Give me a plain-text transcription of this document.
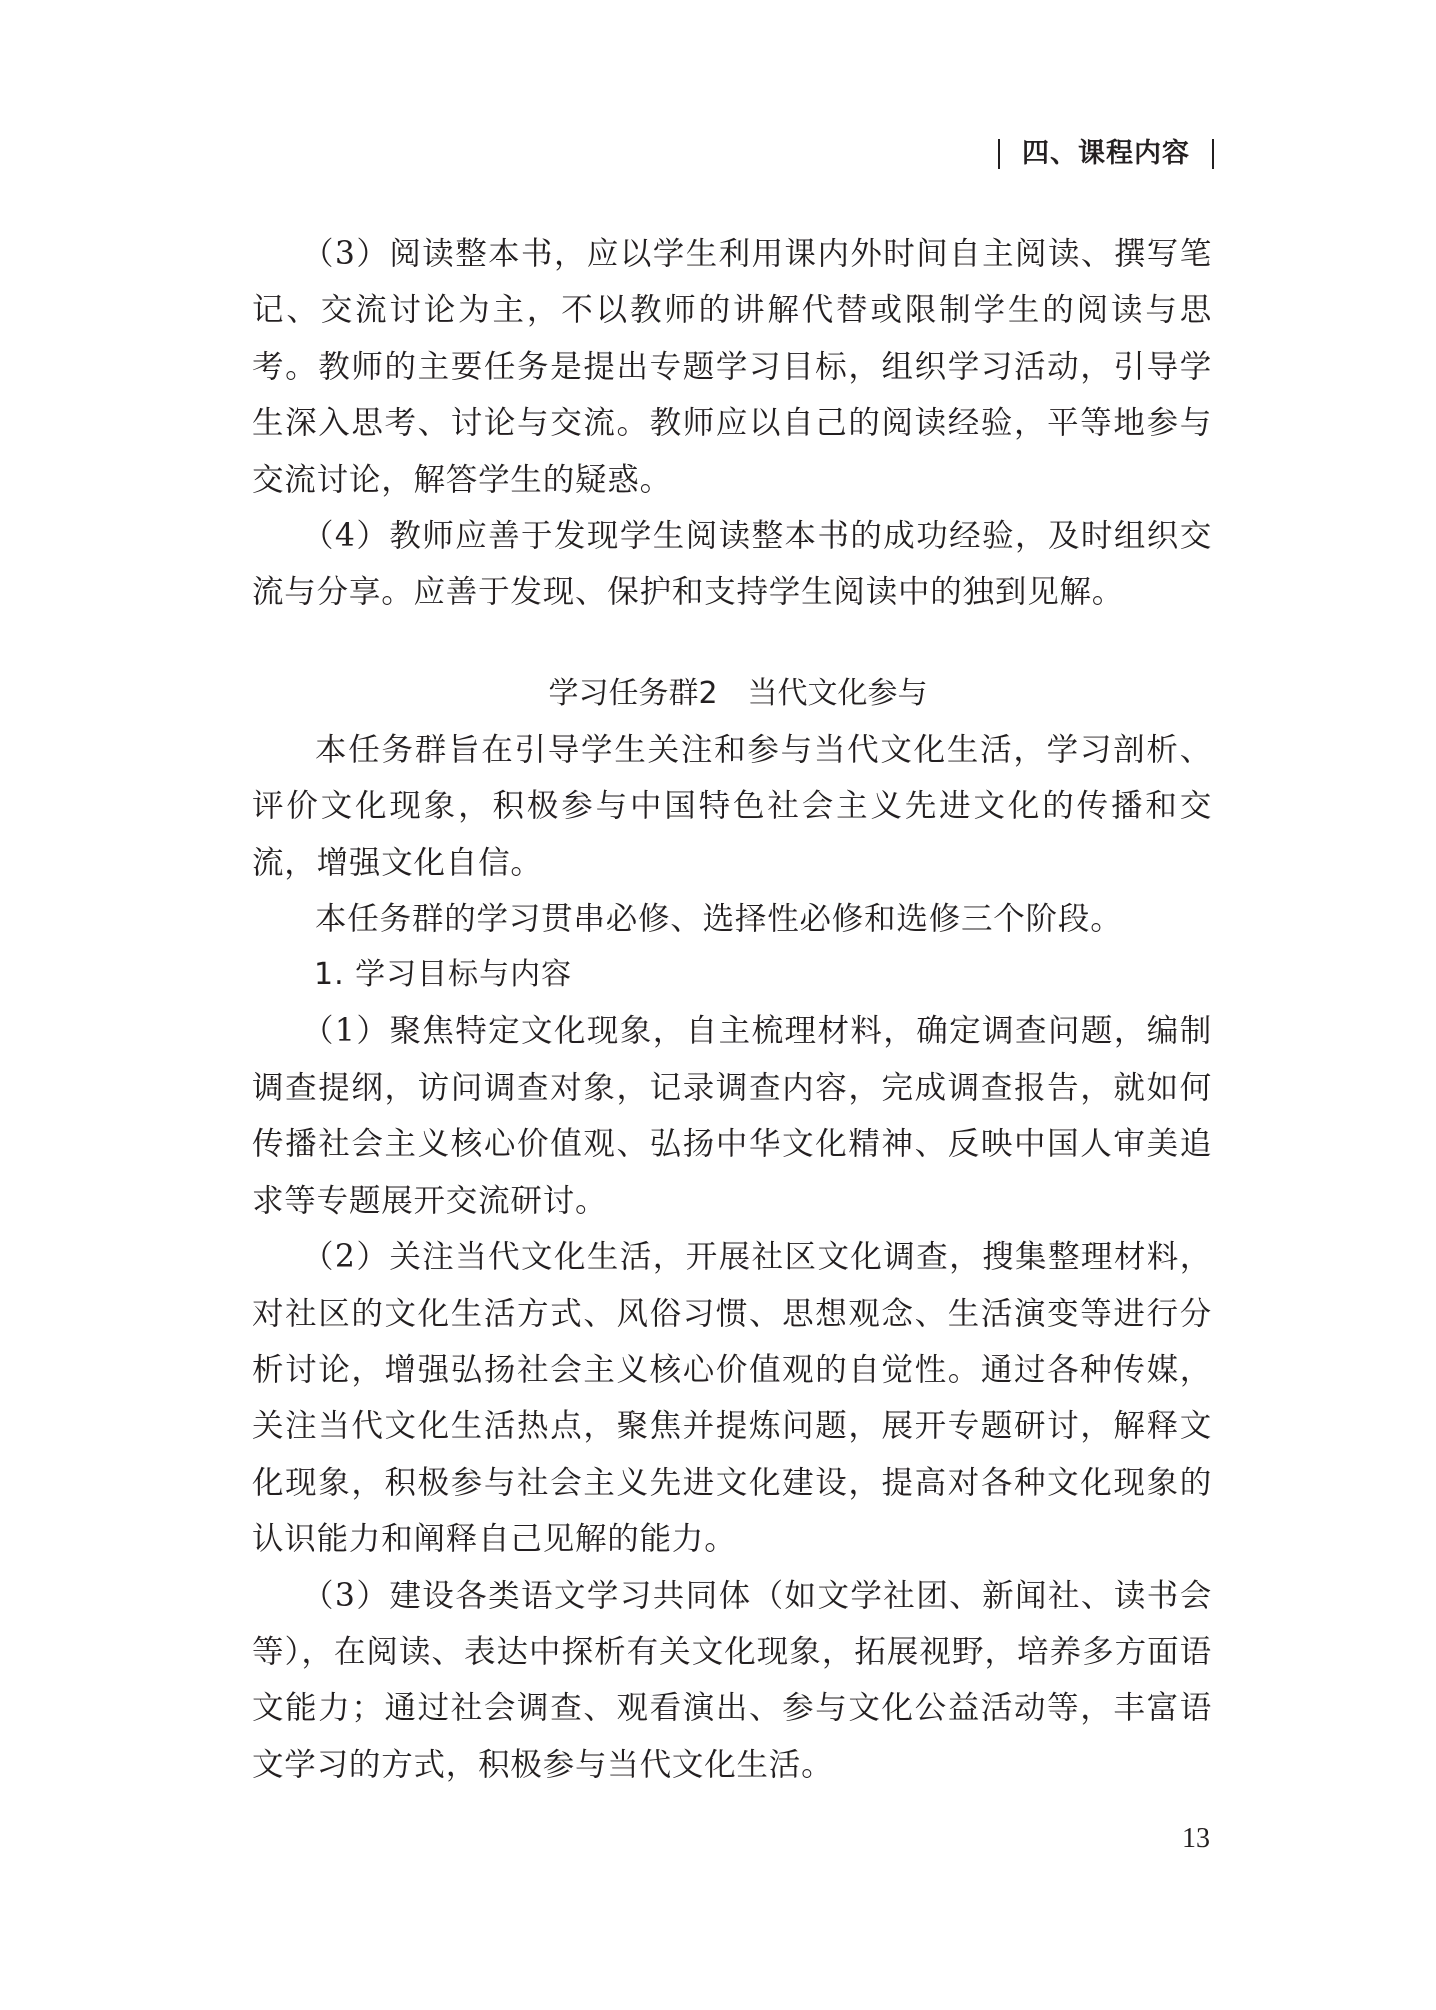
四、课程内容

（3）阅读整本书，应以学生利用课内外时间自主阅读、撰写笔记、交流讨论为主，不以教师的讲解代替或限制学生的阅读与思考。教师的主要任务是提出专题学习目标，组织学习活动，引导学生深入思考、讨论与交流。教师应以自己的阅读经验，平等地参与交流讨论，解答学生的疑惑。

（4）教师应善于发现学生阅读整本书的成功经验，及时组织交流与分享。应善于发现、保护和支持学生阅读中的独到见解。

学习任务群2　当代文化参与

本任务群旨在引导学生关注和参与当代文化生活，学习剖析、评价文化现象，积极参与中国特色社会主义先进文化的传播和交流，增强文化自信。

本任务群的学习贯串必修、选择性必修和选修三个阶段。

1. 学习目标与内容

（1）聚焦特定文化现象，自主梳理材料，确定调查问题，编制调查提纲，访问调查对象，记录调查内容，完成调查报告，就如何传播社会主义核心价值观、弘扬中华文化精神、反映中国人审美追求等专题展开交流研讨。

（2）关注当代文化生活，开展社区文化调查，搜集整理材料，对社区的文化生活方式、风俗习惯、思想观念、生活演变等进行分析讨论，增强弘扬社会主义核心价值观的自觉性。通过各种传媒，关注当代文化生活热点，聚焦并提炼问题，展开专题研讨，解释文化现象，积极参与社会主义先进文化建设，提高对各种文化现象的认识能力和阐释自己见解的能力。

（3）建设各类语文学习共同体（如文学社团、新闻社、读书会等），在阅读、表达中探析有关文化现象，拓展视野，培养多方面语文能力；通过社会调查、观看演出、参与文化公益活动等，丰富语文学习的方式，积极参与当代文化生活。

13
